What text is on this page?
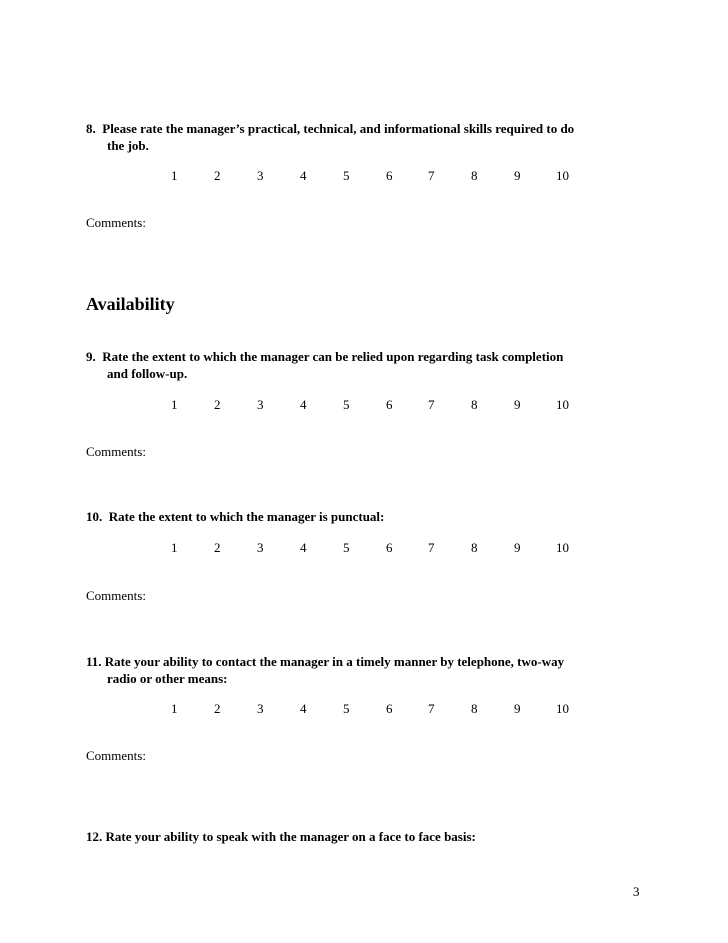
8. Please rate the manager’s practical, technical, and informational skills required to do
the job.
1	2	3	4	5	6	7	8	9	10
Comments:
Availability
9. Rate the extent to which the manager can be relied upon regarding task completion
and follow-up.
1	2	3	4	5	6	7	8	9	10
Comments:
10. Rate the extent to which the manager is punctual:
1	2	3	4	5	6	7	8	9	10
Comments:
11. Rate your ability to contact the manager in a timely manner by telephone, two-way
radio or other means:
1	2	3	4	5	6	7	8	9	10
Comments:
12. Rate your ability to speak with the manager on a face to face basis:
3
